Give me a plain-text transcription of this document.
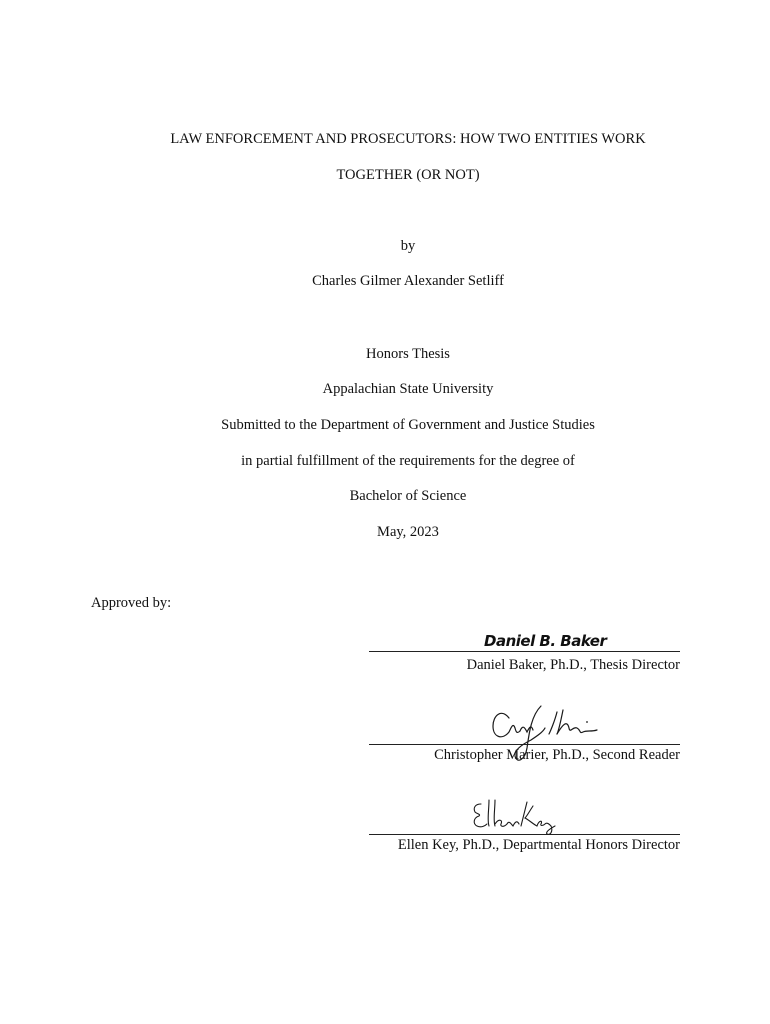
LAW ENFORCEMENT AND PROSECUTORS: HOW TWO ENTITIES WORK
TOGETHER (OR NOT)
by
Charles Gilmer Alexander Setliff
Honors Thesis
Appalachian State University
Submitted to the Department of Government and Justice Studies
in partial fulfillment of the requirements for the degree of
Bachelor of Science
May, 2023
Approved by:
Daniel B. Baker
Daniel Baker, Ph.D., Thesis Director
Christopher Marier, Ph.D., Second Reader
Ellen Key, Ph.D., Departmental Honors Director
